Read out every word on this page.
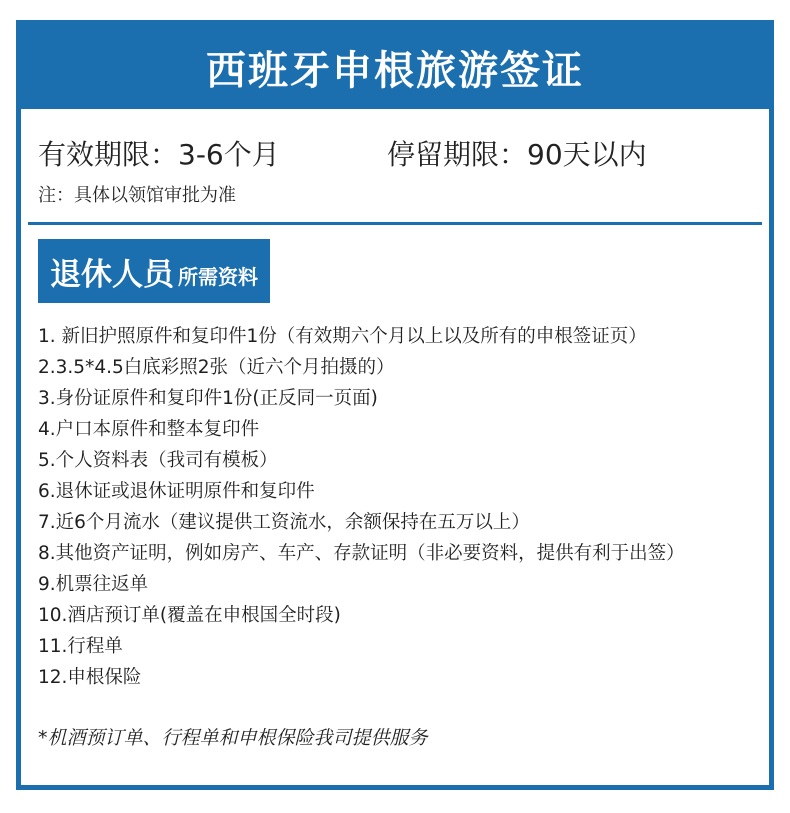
西班牙申根旅游签证
有效期限：3-6个月	停留期限：90天以内
注：具体以领馆审批为准
退休人员 所需资料
1. 新旧护照原件和复印件1份（有效期六个月以上以及所有的申根签证页）
2.3.5*4.5白底彩照2张（近六个月拍摄的）
3.身份证原件和复印件1份(正反同一页面)
4.户口本原件和整本复印件
5.个人资料表（我司有模板）
6.退休证或退休证明原件和复印件
7.近6个月流水（建议提供工资流水，余额保持在五万以上）
8.其他资产证明，例如房产、车产、存款证明（非必要资料，提供有利于出签）
9.机票往返单
10.酒店预订单(覆盖在申根国全时段)
11.行程单
12.申根保险
*机酒预订单、行程单和申根保险我司提供服务
